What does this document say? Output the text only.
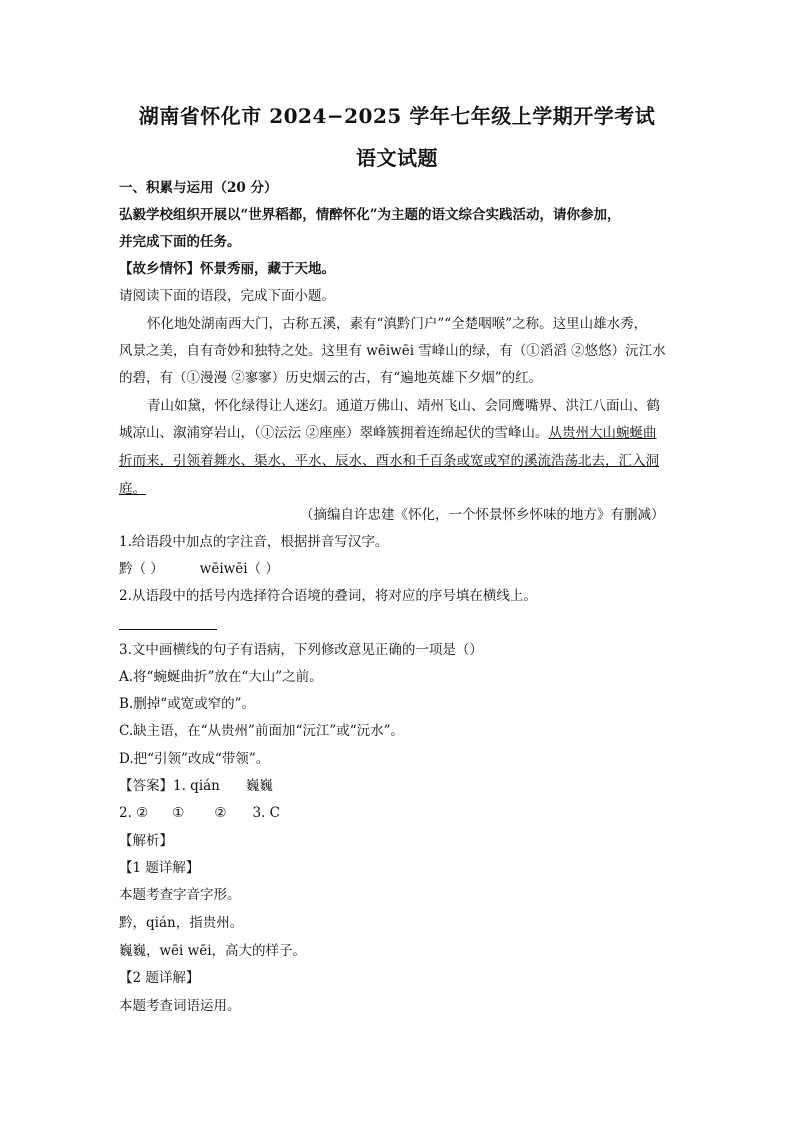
湖南省怀化市 2024−2025 学年七年级上学期开学考试
语文试题
一、积累与运用（20 分）
弘毅学校组织开展以“世界稻都，情醉怀化”为主题的语文综合实践活动，请你参加，
并完成下面的任务。
【故乡情怀】怀景秀丽，藏于天地。
请阅读下面的语段，完成下面小题。
怀化地处湖南西大门，古称五溪，素有“滇黔门户”“全楚咽喉”之称。这里山雄水秀，
风景之美，自有奇妙和独特之处。这里有 wēiwēi 雪峰山的绿，有（①滔滔 ②悠悠）沅江水
的碧，有（①漫漫 ②寥寥）历史烟云的古，有“遍地英雄下夕烟”的红。
青山如黛，怀化绿得让人迷幻。通道万佛山、靖州飞山、会同鹰嘴界、洪江八面山、鹤
城凉山、溆浦穿岩山，（①沄沄 ②座座）翠峰簇拥着连绵起伏的雪峰山。从贵州大山蜿蜒曲
折而来，引领着舞水、渠水、平水、辰水、酉水和千百条或宽或窄的溪流浩荡北去，汇入洞
庭。
（摘编自许忠建《怀化，一个怀景怀乡怀味的地方》有删减）
1.给语段中加点的字注音，根据拼音写汉字。
黔（ ）	wēiwēi（ ）
2.从语段中的括号内选择符合语境的叠词，将对应的序号填在横线上。
3.文中画横线的句子有语病，下列修改意见正确的一项是（）
A.将“蜿蜒曲折”放在“大山”之前。
B.删掉“或宽或窄的”。
C.缺主语，在“从贵州”前面加“沅江”或“沅水”。
D.把“引领”改成“带领”。
【答案】1. qián 巍巍
2. ② ① ② 3. C
【解析】
【1 题详解】
本题考查字音字形。
黔，qián，指贵州。
巍巍，wēi wēi，高大的样子。
【2 题详解】
本题考查词语运用。
